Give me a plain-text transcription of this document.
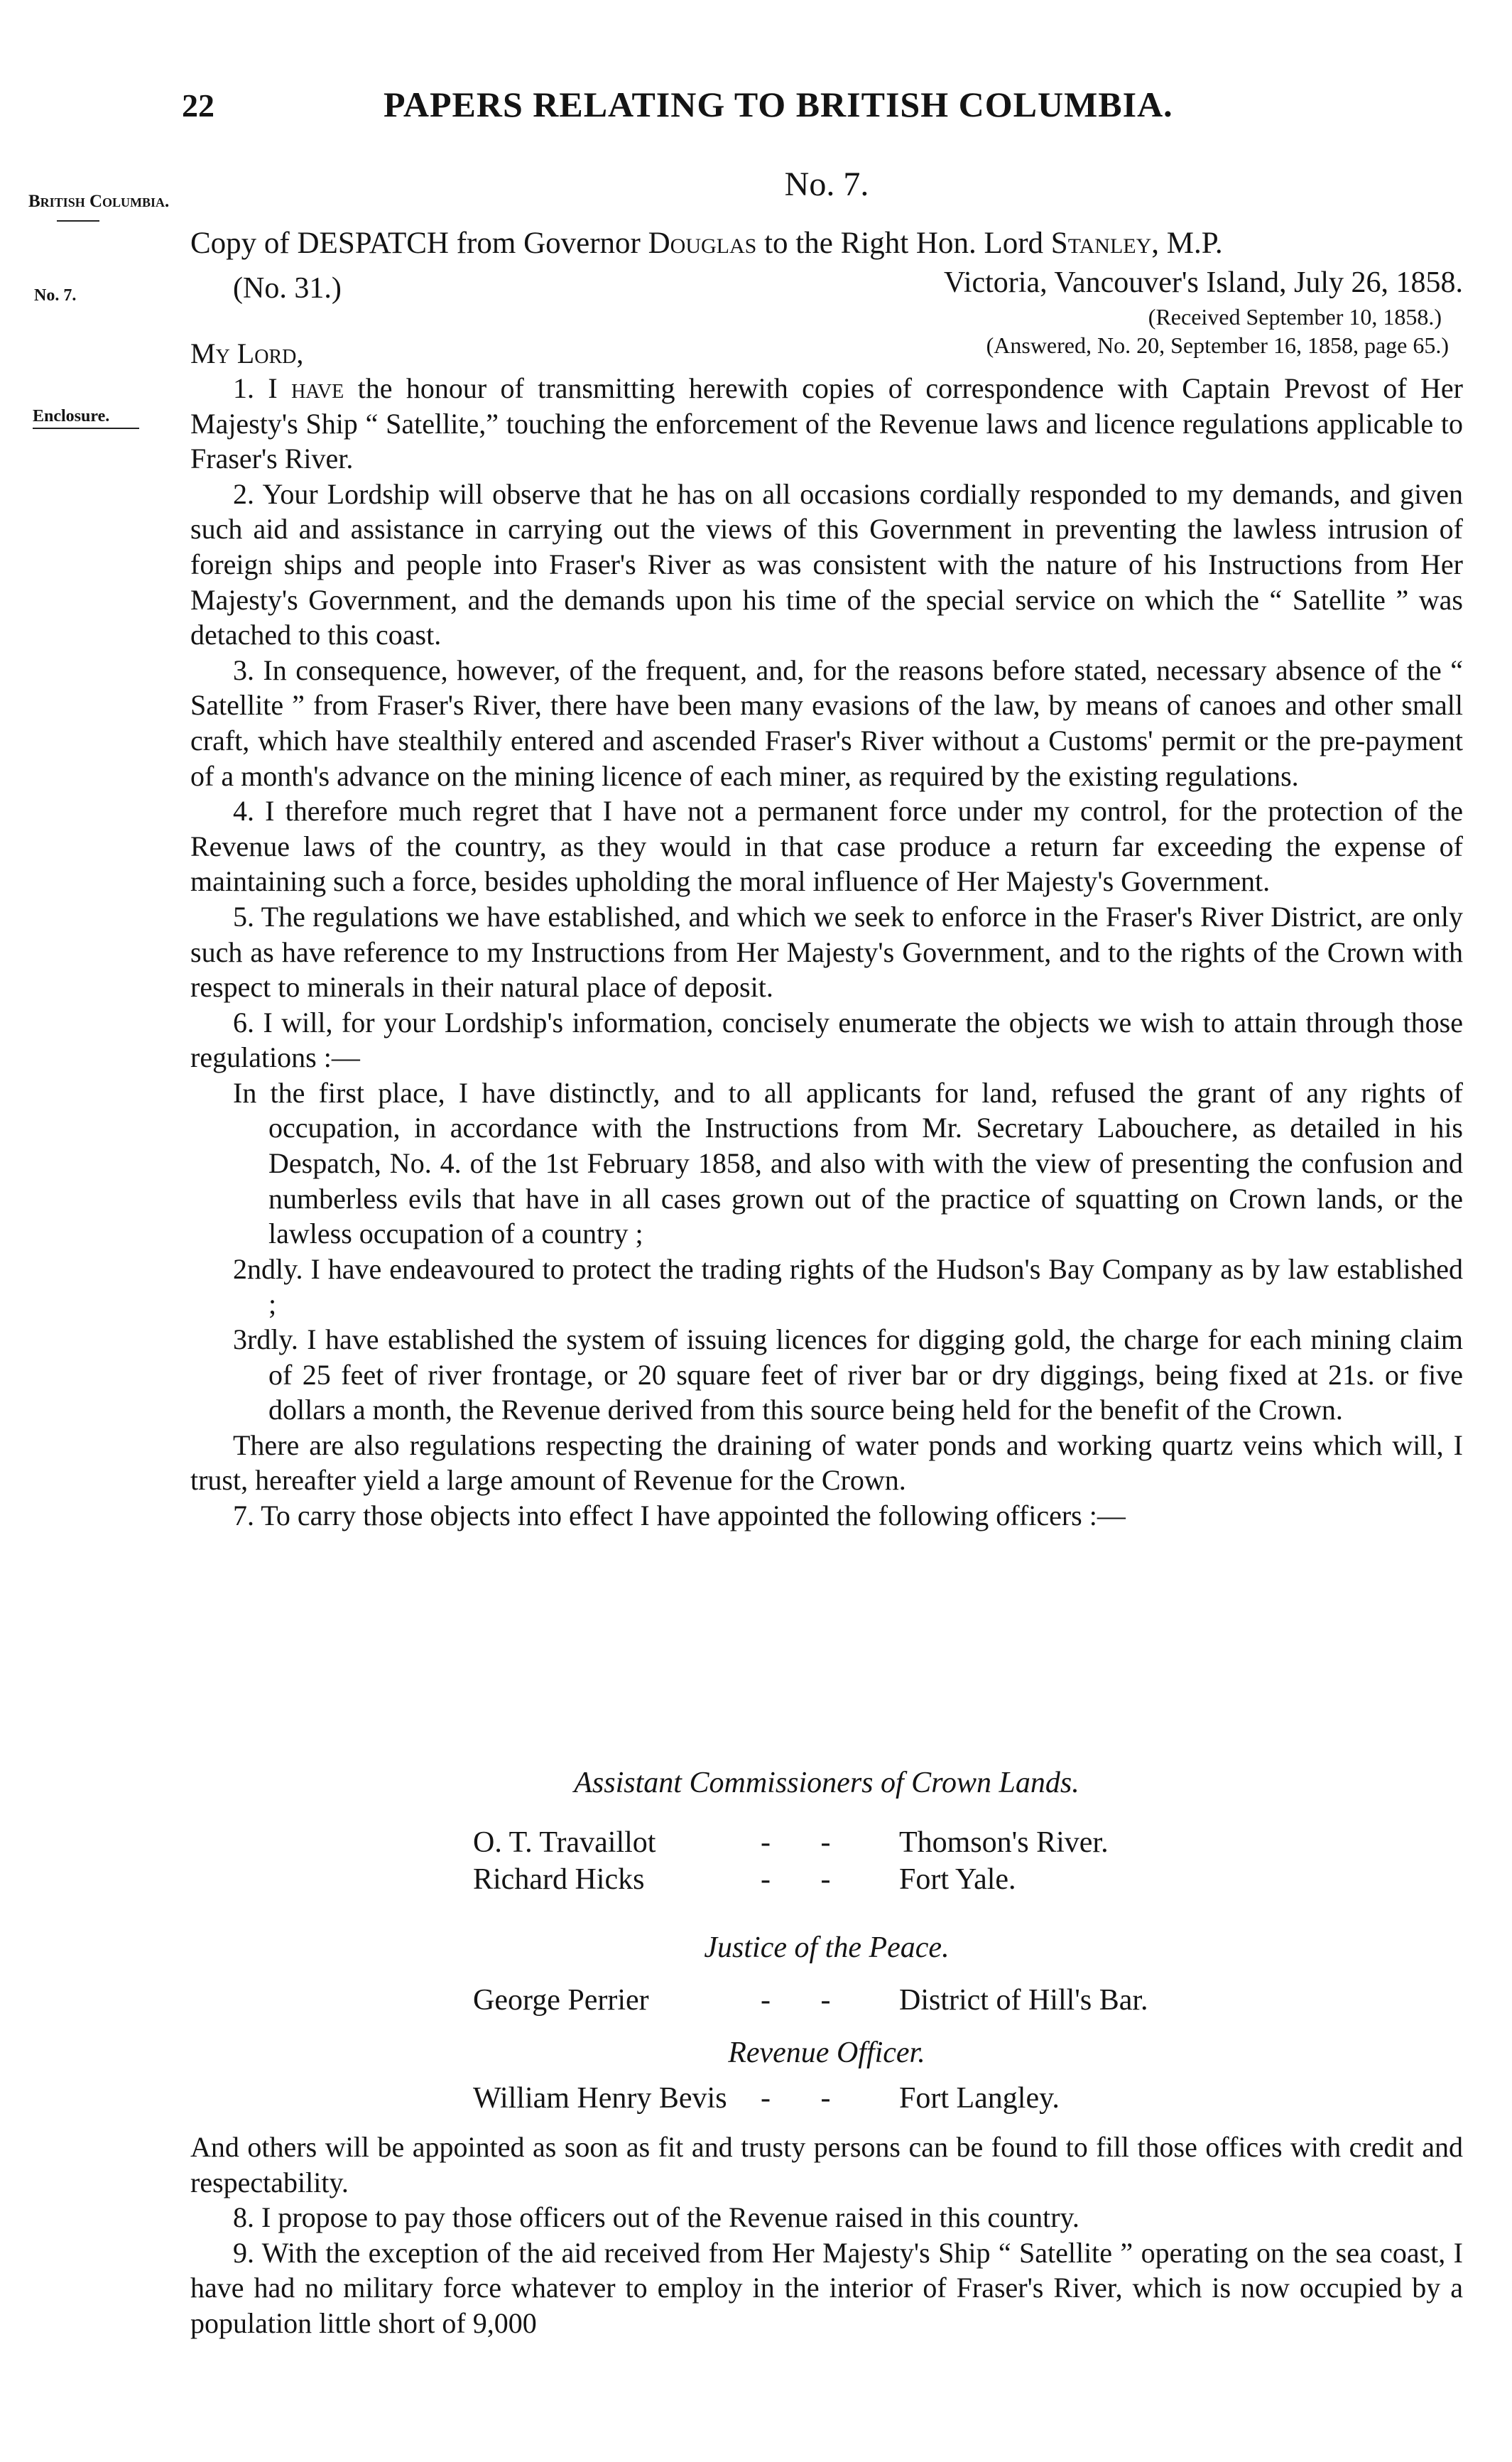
22	PAPERS RELATING TO BRITISH COLUMBIA.
British Columbia.
No. 7.
Enclosure.
No. 7.
Copy of DESPATCH from Governor Douglas to the Right Hon. Lord Stanley, M.P.
(No. 31.)	Victoria, Vancouver's Island, July 26, 1858.
(Received September 10, 1858.)
(Answered, No. 20, September 16, 1858, page 65.)
My Lord,

1. I have the honour of transmitting herewith copies of correspondence with Captain Prevost of Her Majesty's Ship “ Satellite,” touching the enforcement of the Revenue laws and licence regulations applicable to Fraser's River.

2. Your Lordship will observe that he has on all occasions cordially responded to my demands, and given such aid and assistance in carrying out the views of this Government in preventing the lawless intrusion of foreign ships and people into Fraser's River as was consistent with the nature of his Instructions from Her Majesty's Government, and the demands upon his time of the special service on which the “ Satellite ” was detached to this coast.

3. In consequence, however, of the frequent, and, for the reasons before stated, necessary absence of the “ Satellite ” from Fraser's River, there have been many evasions of the law, by means of canoes and other small craft, which have stealthily entered and ascended Fraser's River without a Customs' permit or the pre-payment of a month's advance on the mining licence of each miner, as required by the existing regulations.

4. I therefore much regret that I have not a permanent force under my control, for the protection of the Revenue laws of the country, as they would in that case produce a return far exceeding the expense of maintaining such a force, besides upholding the moral influence of Her Majesty's Government.

5. The regulations we have established, and which we seek to enforce in the Fraser's River District, are only such as have reference to my Instructions from Her Majesty's Government, and to the rights of the Crown with respect to minerals in their natural place of deposit.

6. I will, for your Lordship's information, concisely enumerate the objects we wish to attain through those regulations :—

In the first place, I have distinctly, and to all applicants for land, refused the grant of any rights of occupation, in accordance with the Instructions from Mr. Secretary Labouchere, as detailed in his Despatch, No. 4. of the 1st February 1858, and also with with the view of presenting the confusion and numberless evils that have in all cases grown out of the practice of squatting on Crown lands, or the lawless occupation of a country ;

2ndly. I have endeavoured to protect the trading rights of the Hudson's Bay Company as by law established ;

3rdly. I have established the system of issuing licences for digging gold, the charge for each mining claim of 25 feet of river frontage, or 20 square feet of river bar or dry diggings, being fixed at 21s. or five dollars a month, the Revenue derived from this source being held for the benefit of the Crown.

There are also regulations respecting the draining of water ponds and working quartz veins which will, I trust, hereafter yield a large amount of Revenue for the Crown.

7. To carry those objects into effect I have appointed the following officers :—

Assistant Commissioners of Crown Lands.
O. T. Travaillot	- - Thomson's River.
Richard Hicks	- - Fort Yale.
Justice of the Peace.
George Perrier	- - District of Hill's Bar.
Revenue Officer.
William Henry Bevis - - Fort Langley.

And others will be appointed as soon as fit and trusty persons can be found to fill those offices with credit and respectability.

8. I propose to pay those officers out of the Revenue raised in this country.

9. With the exception of the aid received from Her Majesty's Ship “ Satellite ” operating on the sea coast, I have had no military force whatever to employ in the interior of Fraser's River, which is now occupied by a population little short of 9,000
